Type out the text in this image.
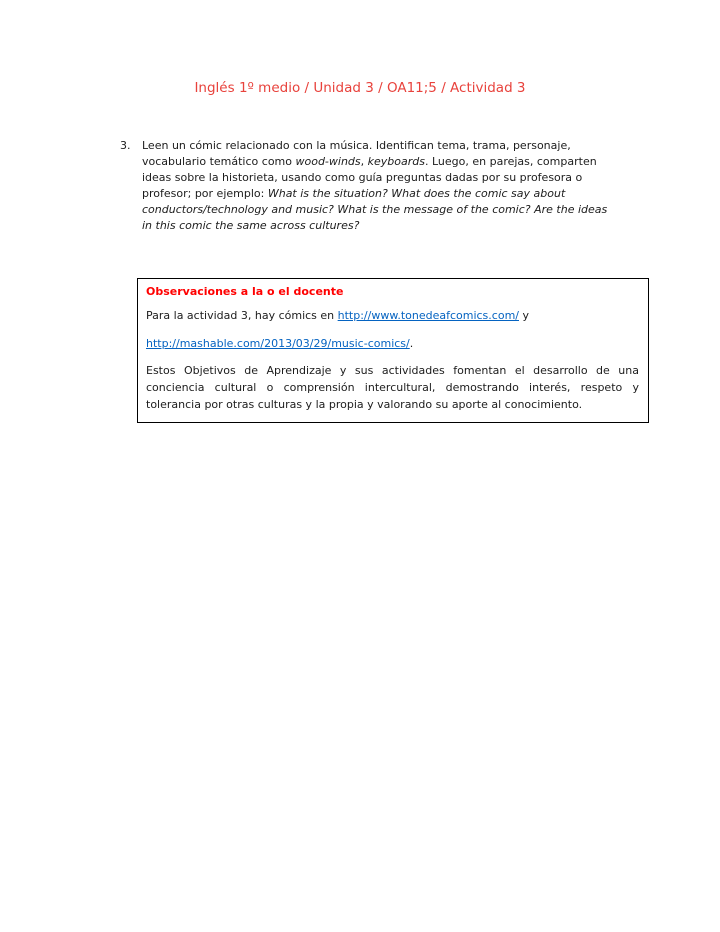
Inglés 1º medio / Unidad 3 / OA11;5 / Actividad 3
3.	Leen un cómic relacionado con la música. Identifican tema, trama, personaje, vocabulario temático como wood-winds, keyboards. Luego, en parejas, comparten ideas sobre la historieta, usando como guía preguntas dadas por su profesora o profesor; por ejemplo: What is the situation? What does the comic say about conductors/technology and music? What is the message of the comic? Are the ideas in this comic the same across cultures?

Observaciones a la o el docente

Para la actividad 3, hay cómics en http://www.tonedeafcomics.com/ y

http://mashable.com/2013/03/29/music-comics/.

Estos Objetivos de Aprendizaje y sus actividades fomentan el desarrollo de una conciencia cultural o comprensión intercultural, demostrando interés, respeto y tolerancia por otras culturas y la propia y valorando su aporte al conocimiento.
